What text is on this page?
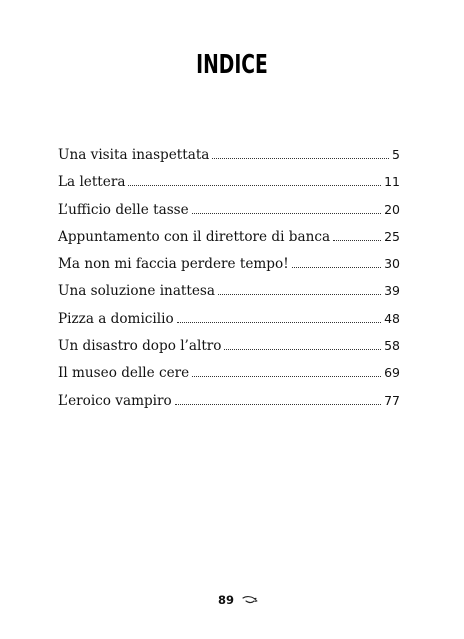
INDICE
Una visita inaspettata	5
La lettera	11
L’ufficio delle tasse	20
Appuntamento con il direttore di banca	25
Ma non mi faccia perdere tempo!	30
Una soluzione inattesa	39
Pizza a domicilio	48
Un disastro dopo l’altro	58
Il museo delle cere	69
L’eroico vampiro	77
89
